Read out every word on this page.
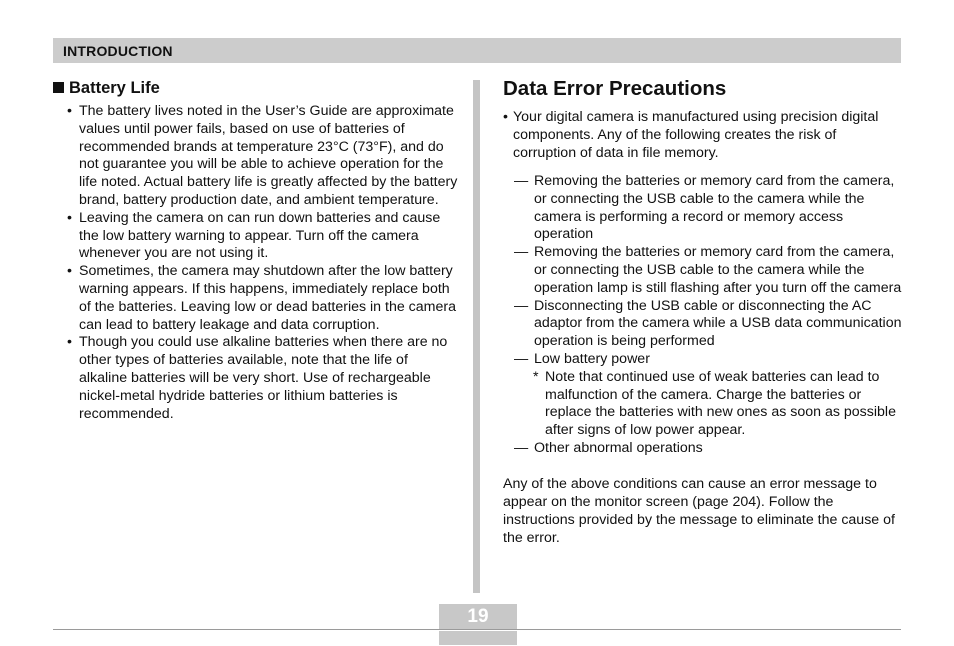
INTRODUCTION
Battery Life
• The battery lives noted in the User’s Guide are approximate values until power fails, based on use of batteries of recommended brands at temperature 23°C (73°F), and do not guarantee you will be able to achieve operation for the life noted. Actual battery life is greatly affected by the battery brand, battery production date, and ambient temperature.
• Leaving the camera on can run down batteries and cause the low battery warning to appear. Turn off the camera whenever you are not using it.
• Sometimes, the camera may shutdown after the low battery warning appears. If this happens, immediately replace both of the batteries. Leaving low or dead batteries in the camera can lead to battery leakage and data corruption.
• Though you could use alkaline batteries when there are no other types of batteries available, note that the life of alkaline batteries will be very short. Use of rechargeable nickel-metal hydride batteries or lithium batteries is recommended.
Data Error Precautions
• Your digital camera is manufactured using precision digital components. Any of the following creates the risk of corruption of data in file memory.
— Removing the batteries or memory card from the camera, or connecting the USB cable to the camera while the camera is performing a record or memory access operation
— Removing the batteries or memory card from the camera, or connecting the USB cable to the camera while the operation lamp is still flashing after you turn off the camera
— Disconnecting the USB cable or disconnecting the AC adaptor from the camera while a USB data communication operation is being performed
— Low battery power
* Note that continued use of weak batteries can lead to malfunction of the camera. Charge the batteries or replace the batteries with new ones as soon as possible after signs of low power appear.
— Other abnormal operations
Any of the above conditions can cause an error message to appear on the monitor screen (page 204). Follow the instructions provided by the message to eliminate the cause of the error.
19
